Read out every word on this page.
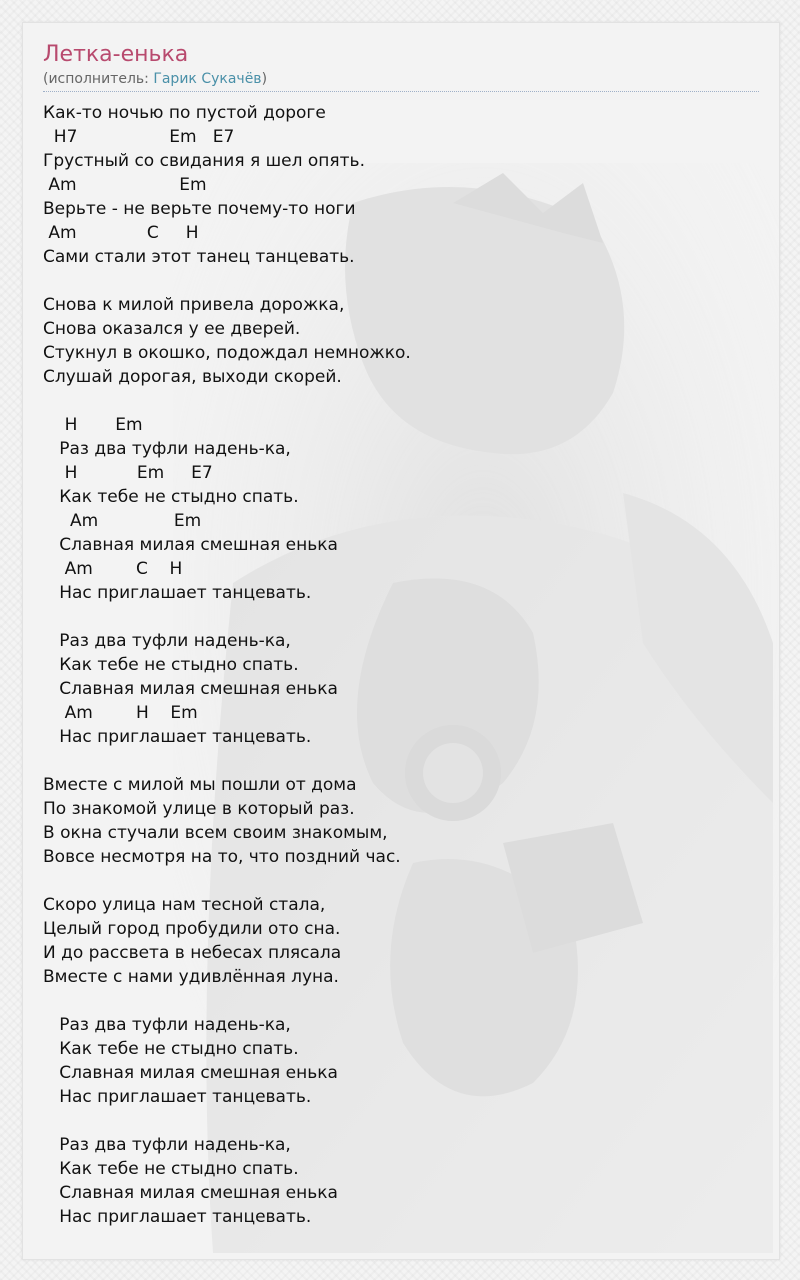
Летка-енька
(исполнитель: Гарик Сукачёв)
Как-то ночью по пустой дороге
H7                 Em   E7
Грустный со свидания я шел опять.
Am                   Em
Верьте - не верьте почему-то ноги
Am             C     H
Сами стали этот танец танцевать.
Снова к милой привела дорожка,
Снова оказался у ее дверей.
Стукнул в окошко, подождал немножко.
Слушай дорогая, выходи скорей.
H       Em
Раз два туфли надень-ка,
H           Em     E7
Как тебе не стыдно спать.
Am              Em
Славная милая смешная енька
Am        C    H
Нас приглашает танцевать.
Раз два туфли надень-ка,
Как тебе не стыдно спать.
Славная милая смешная енька
Am        H    Em
Нас приглашает танцевать.
Вместе с милой мы пошли от дома
По знакомой улице в который раз.
В окна стучали всем своим знакомым,
Вовсе несмотря на то, что поздний час.
Скоро улица нам тесной стала,
Целый город пробудили ото сна.
И до рассвета в небесах плясала
Вместе с нами удивлённая луна.
Раз два туфли надень-ка,
Как тебе не стыдно спать.
Славная милая смешная енька
Нас приглашает танцевать.
Раз два туфли надень-ка,
Как тебе не стыдно спать.
Славная милая смешная енька
Нас приглашает танцевать.
